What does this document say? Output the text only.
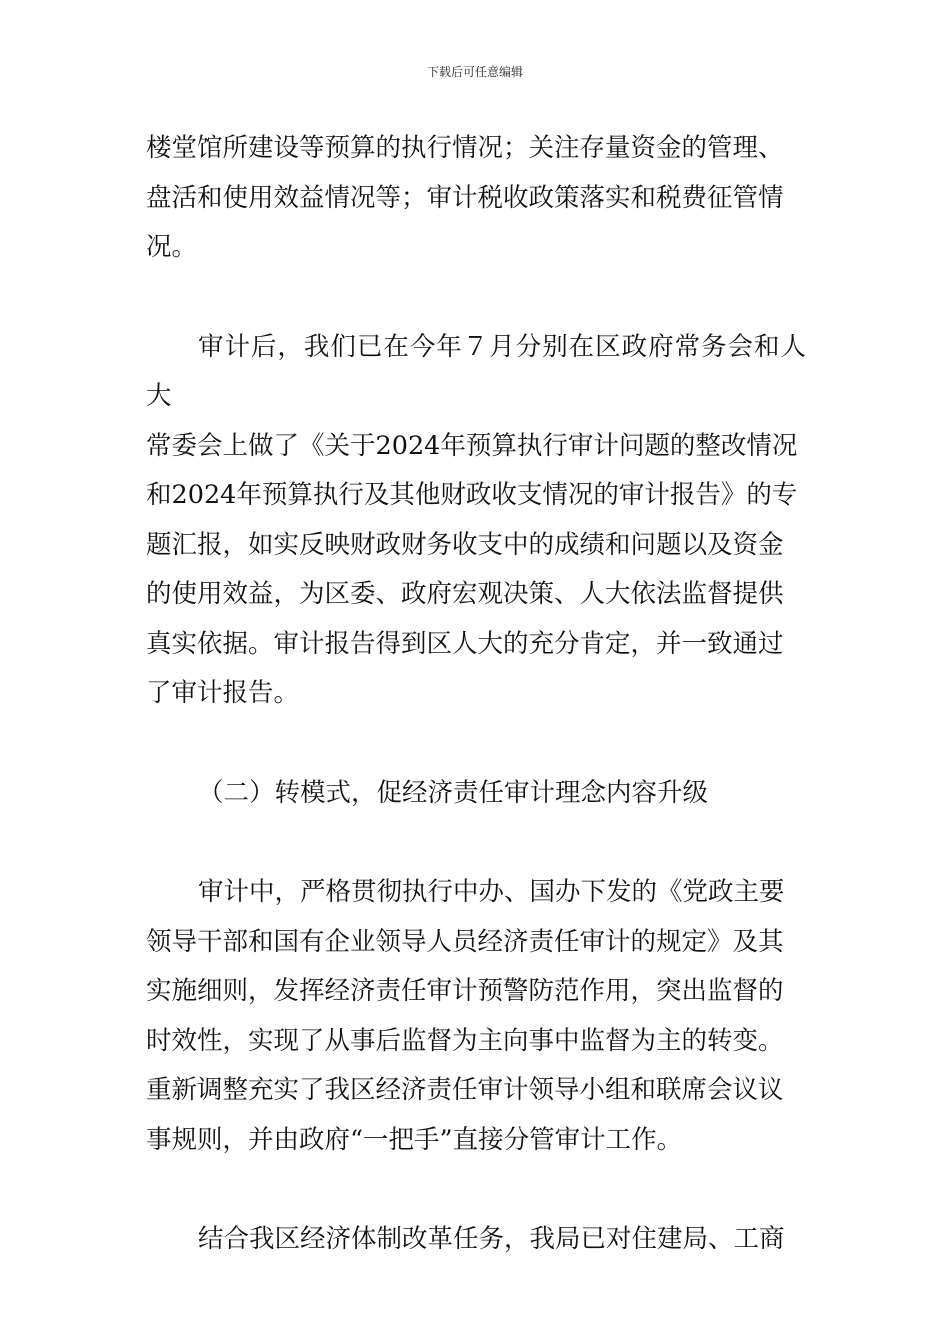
下载后可任意编辑

楼堂馆所建设等预算的执行情况；关注存量资金的管理、
盘活和使用效益情况等；审计税收政策落实和税费征管情
况。

审计后，我们已在今年７月分别在区政府常务会和人大
常委会上做了《关于2024年预算执行审计问题的整改情况
和2024年预算执行及其他财政收支情况的审计报告》的专
题汇报，如实反映财政财务收支中的成绩和问题以及资金
的使用效益，为区委、政府宏观决策、人大依法监督提供
真实依据。审计报告得到区人大的充分肯定，并一致通过
了审计报告。

（二）转模式，促经济责任审计理念内容升级

审计中，严格贯彻执行中办、国办下发的《党政主要
领导干部和国有企业领导人员经济责任审计的规定》及其
实施细则，发挥经济责任审计预警防范作用，突出监督的
时效性，实现了从事后监督为主向事中监督为主的转变。
重新调整充实了我区经济责任审计领导小组和联席会议议
事规则，并由政府“一把手”直接分管审计工作。

结合我区经济体制改革任务，我局已对住建局、工商
